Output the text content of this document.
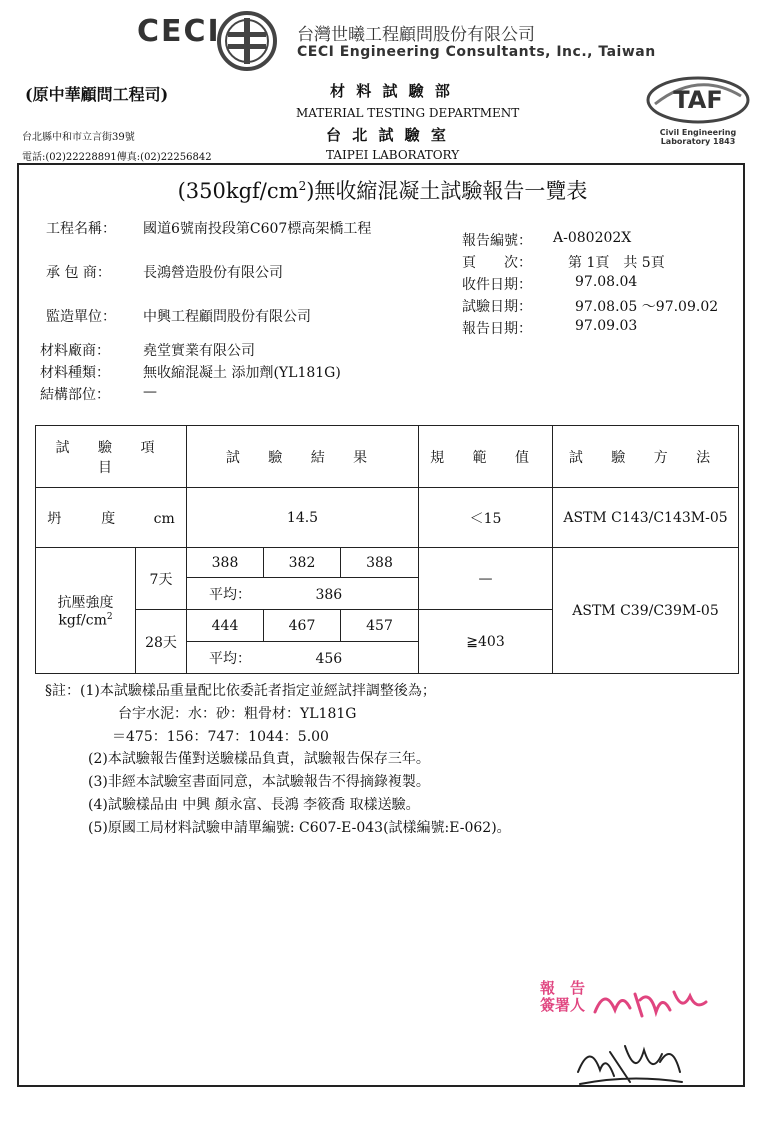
CECI	台灣世曦工程顧問股份有限公司
CECI Engineering Consultants, Inc., Taiwan
(原中華顧問工程司)	材 料 試 驗 部
MATERIAL TESTING DEPARTMENT
台 北 試 驗 室
TAIPEI LABORATORY
台北縣中和市立言街39號
電話:(02)22228891傳真:(02)22256842
TAF
Civil Engineering Laboratory 1843
$(350kgf/cm^2)$無收縮混凝土試驗報告一覽表
工程名稱： 國道6號南投段第C607標高架橋工程
承 包 商： 長鴻營造股份有限公司
監造單位： 中興工程顧問股份有限公司
材料廠商： 堯堂實業有限公司
材料種類： 無收縮混凝土 添加劑(YL181G)
結構部位： —
報告編號： A-080202X
頁　　次：	第 1頁　共 5頁
收件日期：	97.08.04
試驗日期：	97.08.05 ～97.09.02
報告日期：	97.09.03
試 驗 項 目		試 驗 結 果			規 範 值	試 驗 方 法
坍　　度 cm		14.5			＜15	ASTM C143/C143M-05

抗壓強度
kgf/$cm^2$	7天	388	382	388	—	ASTM C39/C39M-05
		平均： 386				
	28天	444	467	457	≧403	
		平均： 456				
§註：(1)本試驗樣品重量配比依委託者指定並經試拌調整後為；
台宇水泥：水：砂：粗骨材：YL181G
＝475：156：747：1044：5.00
(2)本試驗報告僅對送驗樣品負責，試驗報告保存三年。
(3)非經本試驗室書面同意，本試驗報告不得摘錄複製。
(4)試驗樣品由 中興 顏永富、長鴻 李筱喬 取樣送驗。
(5)原國工局材料試驗申請單編號: C607-E-043(試樣編號:E-062)。
報　告
簽署人
